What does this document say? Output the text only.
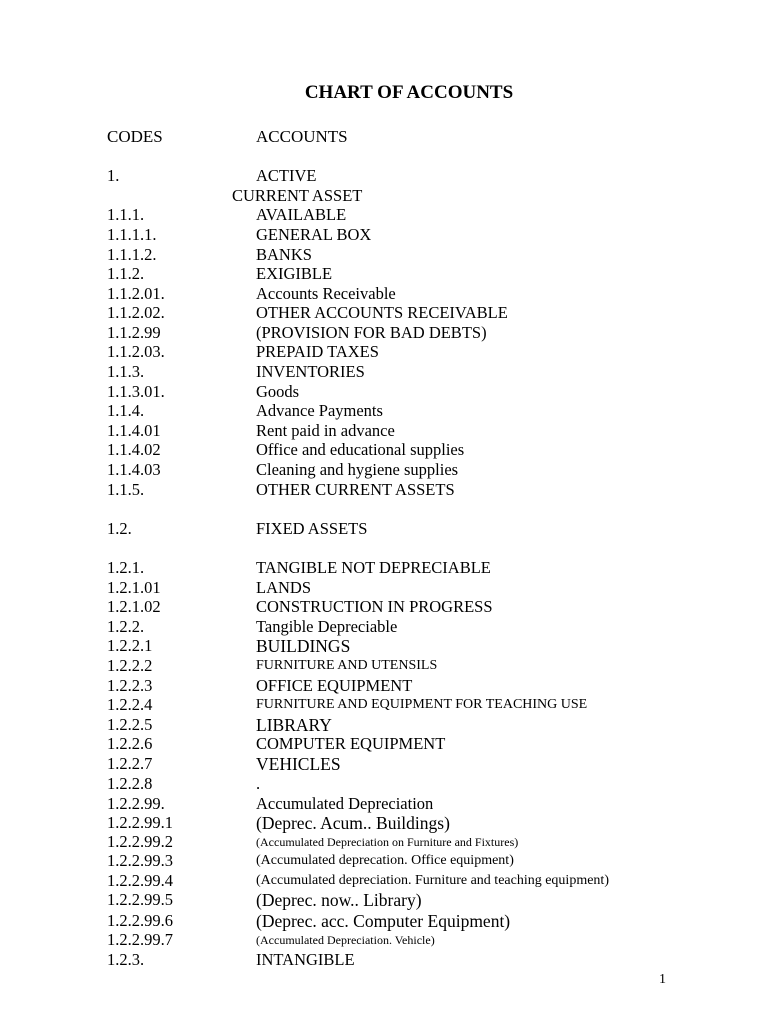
CHART OF ACCOUNTS
CODES	ACCOUNTS
CURRENT ASSET
1.	ACTIVE
1.1.1.	AVAILABLE
1.1.1.1.	GENERAL BOX
1.1.1.2.	BANKS
1.1.2.	EXIGIBLE
1.1.2.01.	Accounts Receivable
1.1.2.02.	OTHER ACCOUNTS RECEIVABLE
1.1.2.99	(PROVISION FOR BAD DEBTS)
1.1.2.03.	PREPAID TAXES
1.1.3.	INVENTORIES
1.1.3.01.	Goods
1.1.4.	Advance Payments
1.1.4.01	Rent paid in advance
1.1.4.02	Office and educational supplies
1.1.4.03	Cleaning and hygiene supplies
1.1.5.	OTHER CURRENT ASSETS
1.2.	FIXED ASSETS
1.2.1.	TANGIBLE NOT DEPRECIABLE
1.2.1.01	LANDS
1.2.1.02	CONSTRUCTION IN PROGRESS
1.2.2.	Tangible Depreciable
1.2.2.1	BUILDINGS
1.2.2.2	FURNITURE AND UTENSILS
1.2.2.3	OFFICE EQUIPMENT
1.2.2.4	FURNITURE AND EQUIPMENT FOR TEACHING USE
1.2.2.5	LIBRARY
1.2.2.6	COMPUTER EQUIPMENT
1.2.2.7	VEHICLES
1.2.2.8	.
1.2.2.99.	Accumulated Depreciation
1.2.2.99.1	(Deprec. Acum.. Buildings)
1.2.2.99.2	(Accumulated Depreciation on Furniture and Fixtures)
1.2.2.99.3	(Accumulated deprecation. Office equipment)
1.2.2.99.4	(Accumulated depreciation. Furniture and teaching equipment)
1.2.2.99.5	(Deprec. now.. Library)
1.2.2.99.6	(Deprec. acc. Computer Equipment)
1.2.2.99.7	(Accumulated Depreciation. Vehicle)
1.2.3.	INTANGIBLE
1
